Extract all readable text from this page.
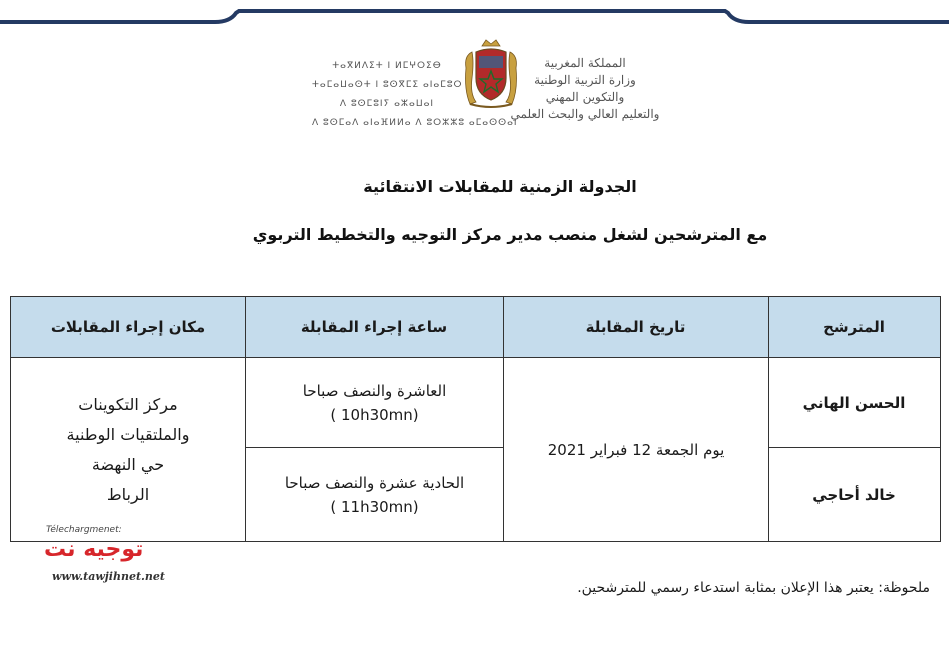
المملكة المغربية
وزارة التربية الوطنية
والتكوين المهني
والتعليم العالي والبحث العلمي
ⵜⴰⴳⵍⴷⵉⵜ ⵏ ⵍⵎⵖⵔⵉⴱ
ⵜⴰⵎⴰⵡⴰⵙⵜ ⵏ ⵓⵙⴳⵎⵉ ⴰⵏⴰⵎⵓⵔ
ⴷ ⵓⵙⵎⵓⵏⵢ ⴰⵣⴰⵡⴰⵏ
ⴷ ⵓⵙⵎⴰⴷ ⴰⵏⴰⴼⵍⵍⴰ ⴷ ⵓⵔⵣⵣⵓ ⴰⵎⴰⵙⵙⴰⵏ
الجدولة الزمنية للمقابلات الانتقائية
مع المترشحين لشغل منصب مدير مركز التوجيه والتخطيط التربوي
المترشح
تاريخ المقابلة
ساعة إجراء المقابلة
مكان إجراء المقابلات
الحسن الهاني
خالد أحاجي
يوم الجمعة 12 فبراير 2021
العاشرة والنصف صباحا
(10h30mn )
الحادية عشرة والنصف صباحا
(11h30mn )
مركز التكوينات
والملتقيات الوطنية
حي النهضة
الرباط
Télechargmenet:
توجيه نت
www.tawjihnet.net
ملحوظة: يعتبر هذا الإعلان بمثابة استدعاء رسمي للمترشحين.
